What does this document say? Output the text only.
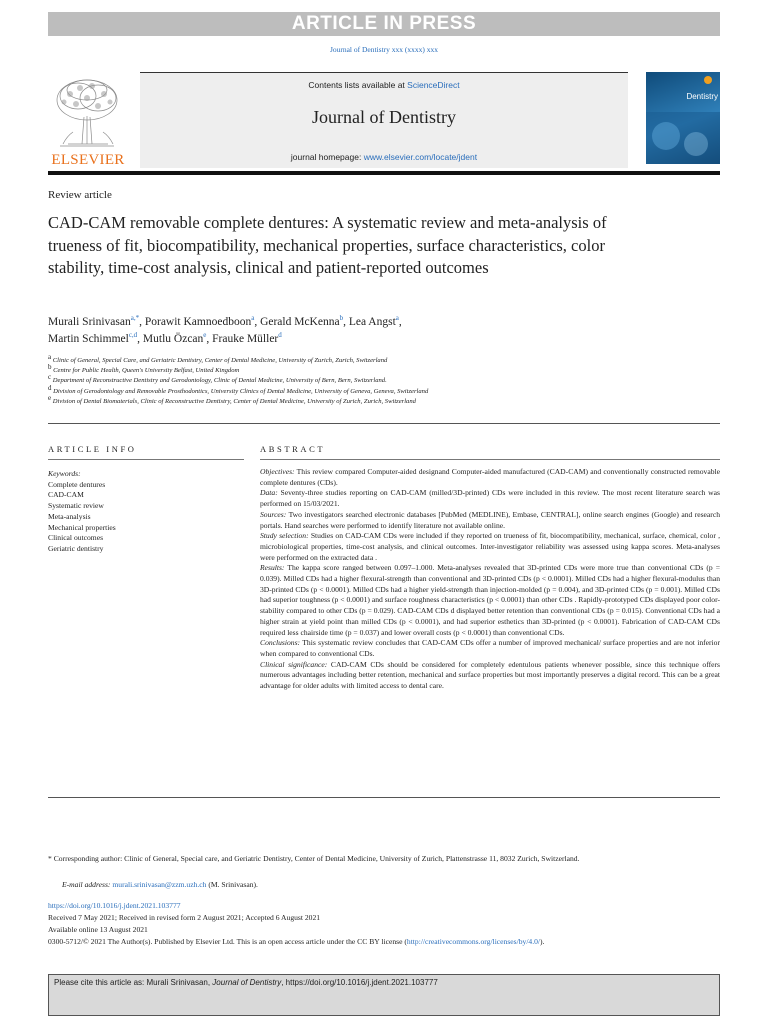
ARTICLE IN PRESS
Journal of Dentistry xxx (xxxx) xxx
ELSEVIER
Contents lists available at ScienceDirect
Journal of Dentistry
journal homepage: www.elsevier.com/locate/jdent
Dentistry
Review article
CAD-CAM removable complete dentures: A systematic review and meta-analysis of trueness of fit, biocompatibility, mechanical properties, surface characteristics, color stability, time-cost analysis, clinical and patient-reported outcomes
Murali Srinivasan$^{a,*}$, Porawit Kamnoedboon$^a$, Gerald McKenna$^b$, Lea Angst$^a$,
Martin Schimmel$^{c,d}$, Mutlu Özcan$^e$, Frauke Müller$^d$
$^a$ Clinic of General, Special Care, and Geriatric Dentistry, Center of Dental Medicine, University of Zurich, Zurich, Switzerland
$^b$ Centre for Public Health, Queen's University Belfast, United Kingdom
$^c$ Department of Reconstructive Dentistry and Gerodontology, Clinic of Dental Medicine, University of Bern, Bern, Switzerland.
$^d$ Division of Gerodontology and Removable Prosthodontics, University Clinics of Dental Medicine, University of Geneva, Geneva, Switzerland
$^e$ Division of Dental Biomaterials, Clinic of Reconstructive Dentistry, Center of Dental Medicine, University of Zurich, Zurich, Switzerland
ARTICLE INFO	ABSTRACT
Keywords:
Complete dentures
CAD-CAM
Systematic review
Meta-analysis
Mechanical properties
Clinical outcomes
Geriatric dentistry

Objectives: This review compared Computer-aided designand Computer-aided manufactured (CAD-CAM) and conventionally constructed removable complete dentures (CDs).

Data: Seventy-three studies reporting on CAD-CAM (milled/3D-printed) CDs were included in this review. The most recent literature search was performed on 15/03/2021.

Sources: Two investigators searched electronic databases [PubMed (MEDLINE), Embase, CENTRAL], online search engines (Google) and research portals. Hand searches were performed to identify literature not available online.

Study selection: Studies on CAD-CAM CDs were included if they reported on trueness of fit, biocompatibility, mechanical, surface, chemical, color , microbiological properties, time-cost analysis, and clinical outcomes. Inter-investigator reliability was assessed using kappa scores. Meta-analyses were performed on the extracted data .

Results: The kappa score ranged between 0.097–1.000. Meta-analyses revealed that 3D-printed CDs were more true than conventional CDs (p = 0.039). Milled CDs had a higher flexural-strength than conventional and 3D-printed CDs (p < 0.0001). Milled CDs had a higher flexural-modulus than 3D-printed CDs (p < 0.0001). Milled CDs had a higher yield-strength than injection-molded (p = 0.004), and 3D-printed CDs (p = 0.001). Milled CDs had superior toughness (p < 0.0001) and surface roughness characteristics (p < 0.0001) than other CDs . Rapidly-prototyped CDs displayed poor color-stability compared to other CDs (p = 0.029). CAD-CAM CDs d displayed better retention than conventional CDs (p = 0.015). Conventional CDs had a higher strain at yield point than milled CDs (p < 0.0001), and had superior esthetics than 3D-printed (p < 0.0001). Fabrication of CAD-CAM CDs required less chairside time (p = 0.037) and lower overall costs (p < 0.0001) than conventional CDs.

Conclusions: This systematic review concludes that CAD-CAM CDs offer a number of improved mechanical/ surface properties and are not inferior when compared to conventional CDs.

Clinical significance: CAD-CAM CDs should be considered for completely edentulous patients whenever possible, since this technique offers numerous advantages including better retention, mechanical and surface properties but most importantly preserves a digital record. This can be a great advantage for older adults with limited access to dental care.

* Corresponding author: Clinic of General, Special care, and Geriatric Dentistry, Center of Dental Medicine, University of Zurich, Plattenstrasse 11, 8032 Zurich, Switzerland.
E-mail address: murali.srinivasan@zzm.uzh.ch (M. Srinivasan).
https://doi.org/10.1016/j.jdent.2021.103777
Received 7 May 2021; Received in revised form 2 August 2021; Accepted 6 August 2021
Available online 13 August 2021
0300-5712/© 2021 The Author(s). Published by Elsevier Ltd. This is an open access article under the CC BY license (http://creativecommons.org/licenses/by/4.0/).
Please cite this article as: Murali Srinivasan, Journal of Dentistry, https://doi.org/10.1016/j.jdent.2021.103777
